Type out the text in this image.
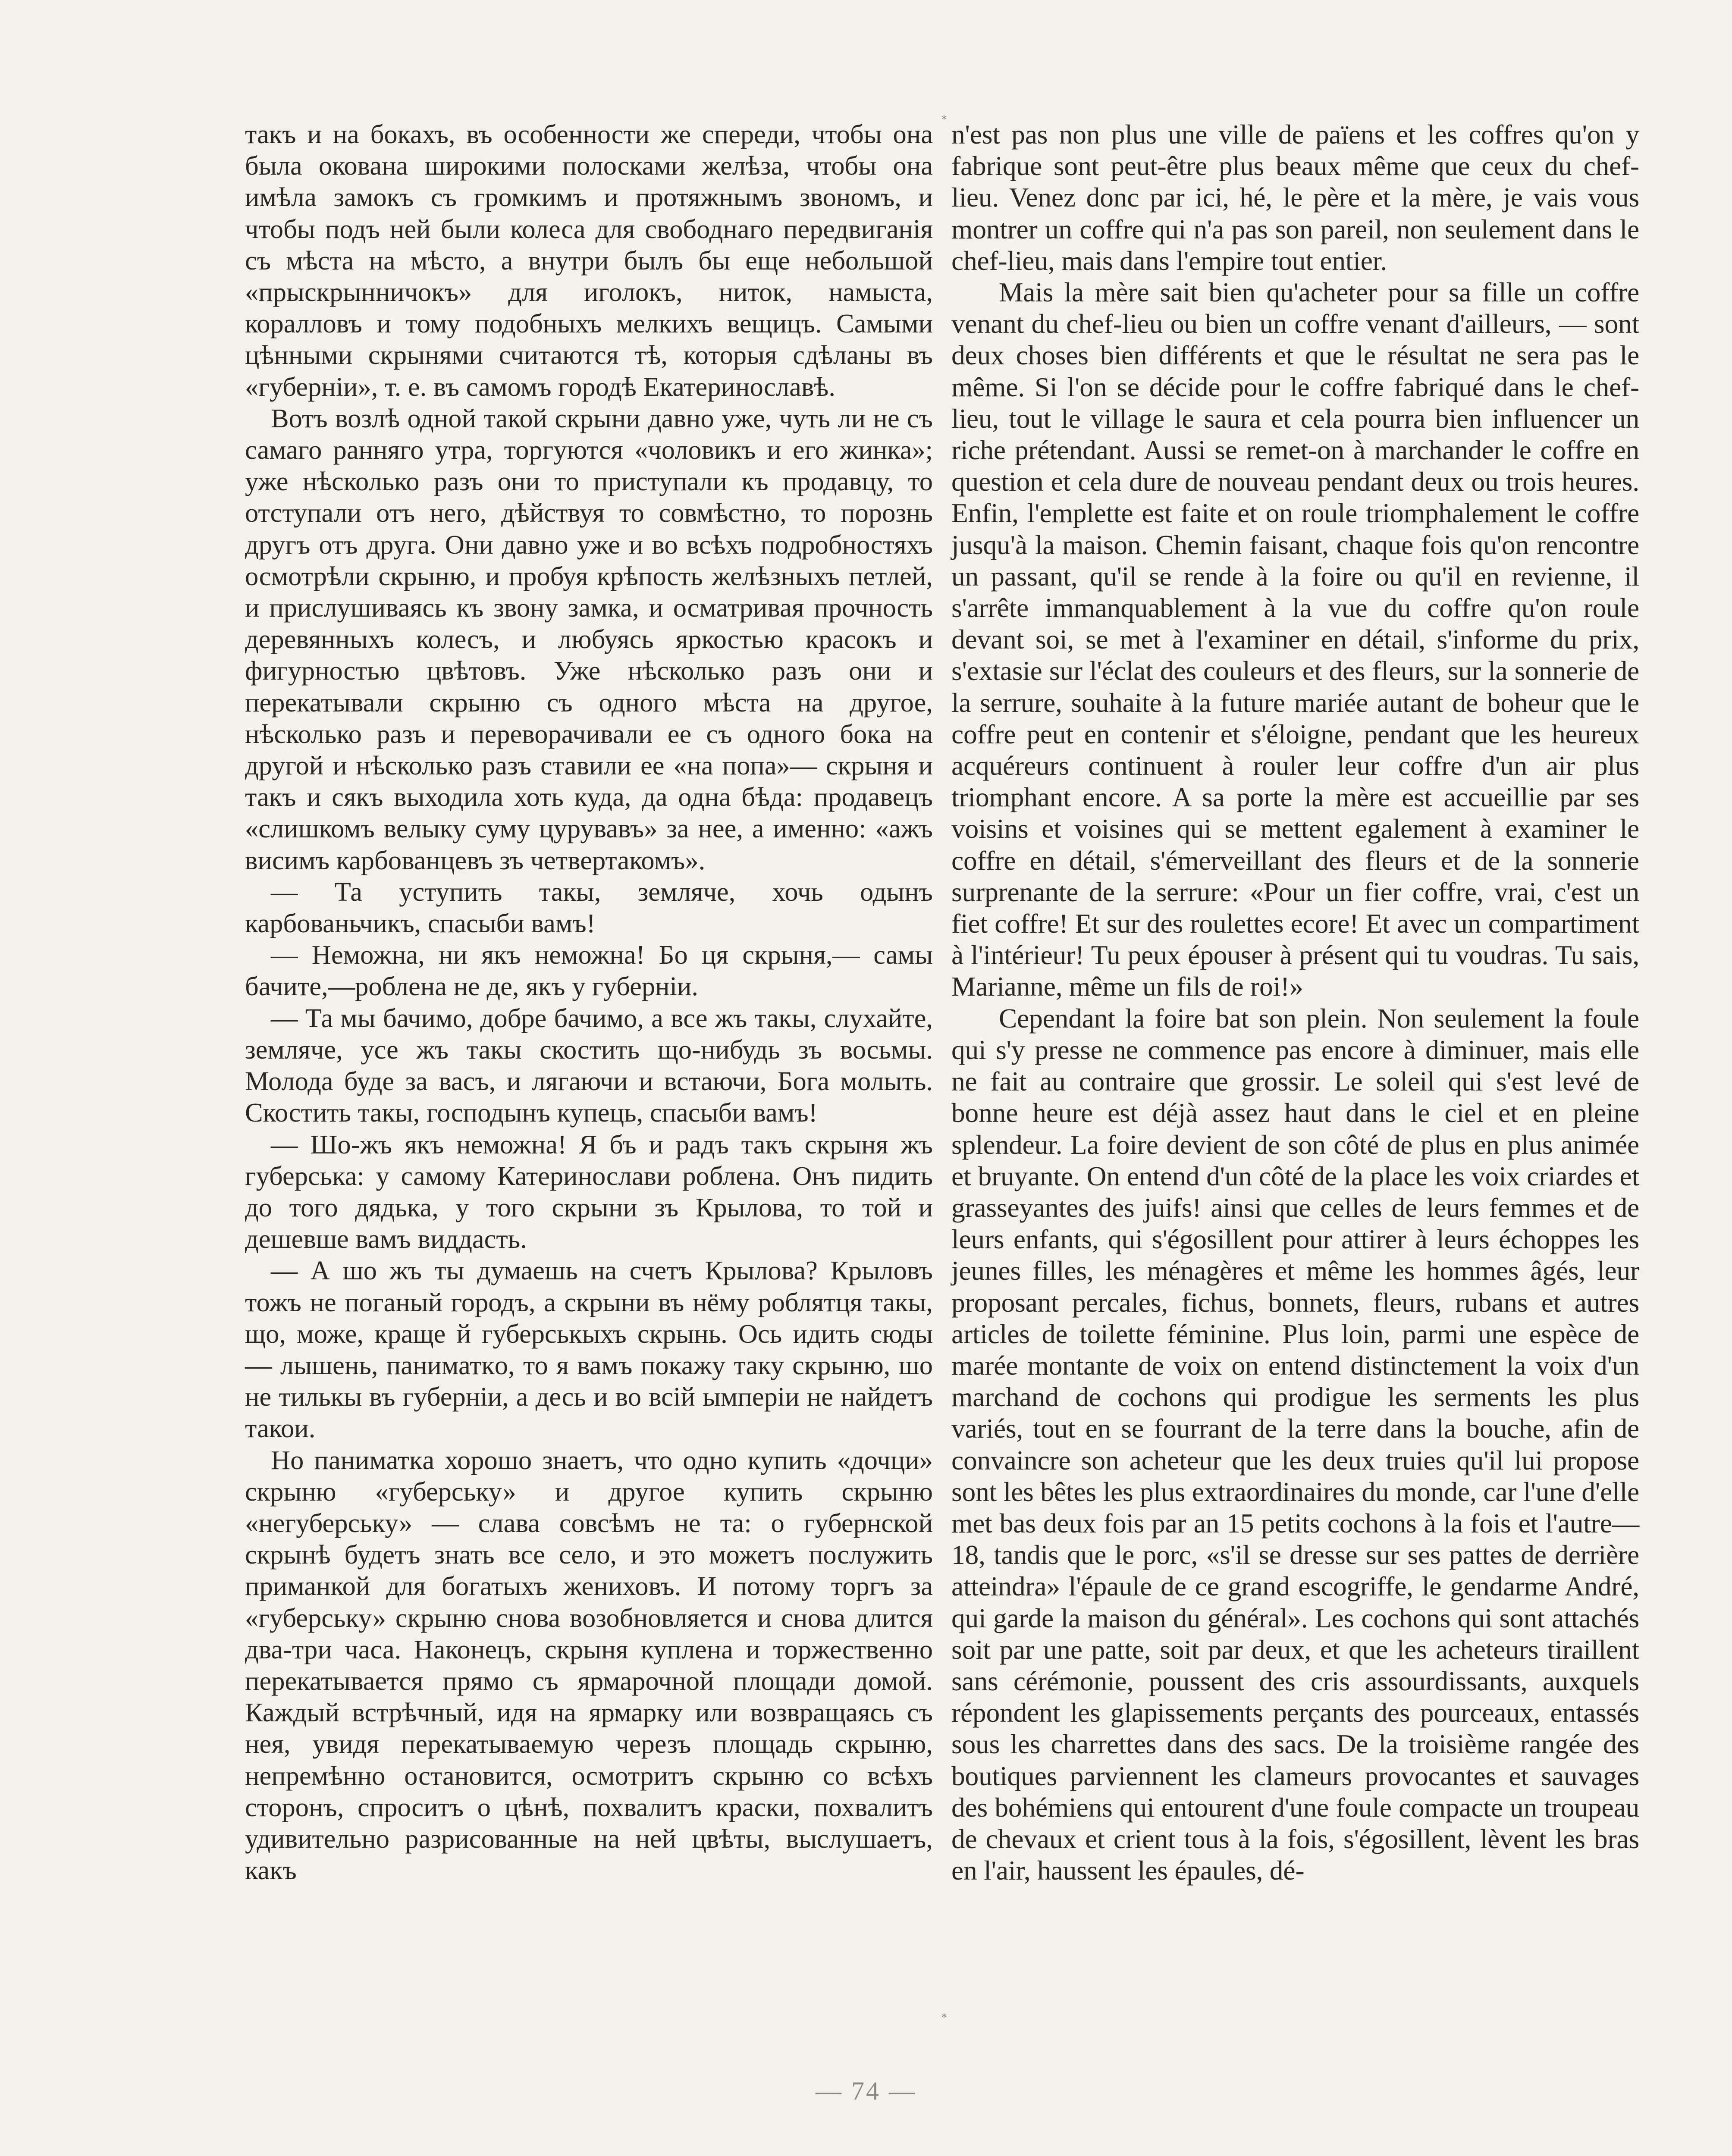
такъ и на бокахъ, въ особенности же спереди, чтобы она была окована широкими полосками желѣза, чтобы она имѣла замокъ съ громкимъ и протяжнымъ звономъ, и чтобы подъ ней были колеса для свободнаго передвиганія съ мѣста на мѣсто, а внутри былъ бы еще небольшой «прыскрынничокъ» для иголокъ, ниток, намыста, коралловъ и тому подобныхъ мелкихъ вещицъ. Самыми цѣнными скрынями считаются тѣ, которыя сдѣланы въ «губерніи», т. е. въ самомъ городѣ Екатеринославѣ.

Вотъ возлѣ одной такой скрыни давно уже, чуть ли не съ самаго ранняго утра, торгуются «чоловикъ и его жинка»; уже нѣсколько разъ они то приступали къ продавцу, то отступали отъ него, дѣйствуя то совмѣстно, то порознь другъ отъ друга. Они давно уже и во всѣхъ подробностяхъ осмотрѣли скрыню, и пробуя крѣпость желѣзныхъ петлей, и прислушиваясь къ звону замка, и осматривая прочность деревянныхъ колесъ, и любуясь яркостью красокъ и фигурностью цвѣтовъ. Уже нѣсколько разъ они и перекатывали скрыню съ одного мѣста на другое, нѣсколько разъ и переворачивали ее съ одного бока на другой и нѣсколько разъ ставили ее «на попа»— скрыня и такъ и сякъ выходила хоть куда, да одна бѣда: продавецъ «слишкомъ велыку суму цурувавъ» за нее, а именно: «ажъ висимъ карбованцевъ зъ четвертакомъ».

— Та уступить такы, земляче, хочь одынъ карбованьчикъ, спасыби вамъ!

— Неможна, ни якъ неможна! Бо ця скрыня,— самы бачите,—роблена не де, якъ у губерніи.

— Та мы бачимо, добре бачимо, а все жъ такы, слухайте, земляче, усе жъ такы скостить що-нибудь зъ восьмы. Молода буде за васъ, и лягаючи и встаючи, Бога молыть. Скостить такы, господынъ купець, спасыби вамъ!

— Шо-жъ якъ неможна! Я бъ и радъ такъ скрыня жъ губерська: у самому Катеринослави роблена. Онъ пидить до того дядька, у того скрыни зъ Крылова, то той и дешевше вамъ виддасть.

— А шо жъ ты думаешь на счетъ Крылова? Крыловъ тожъ не поганый городъ, а скрыни въ нёму роблятця такы, що, може, краще й губерськыхъ скрынь. Ось идить сюды — лышень, паниматкo, то я вамъ покажу таку скрыню, шо не тилькы въ губерніи, а десь и во всій ымперіи не найдетъ такои.

Но паниматкa хорошо знаетъ, что одно купить «дочци» скрыню «губерську» и другое купить скрыню «негуберську» — слава совсѣмъ не та: о губернской скрынѣ будетъ знать все село, и это можетъ послужить приманкой для богатыхъ жениховъ. И потому торгъ за «губерську» скрыню снова возобновляется и снова длится два-три часа. Наконецъ, скрыня куплена и торжественно перекатывается прямо съ ярмарочной площади домой. Каждый встрѣчный, идя на ярмарку или возвращаясь съ нея, увидя перекатываемую черезъ площадь скрыню, непремѣнно остановится, осмотритъ скрыню со всѣхъ сторонъ, спроситъ о цѣнѣ, похвалитъ краски, похвалитъ удивительно разрисованные на ней цвѣты, выслушаетъ, какъ

*
*

n'est pas non plus une ville de païens et les coffres qu'on y fabrique sont peut-être plus beaux même que ceux du chef-lieu. Venez donc par ici, hé, le père et la mère, je vais vous montrer un coffre qui n'a pas son pareil, non seulement dans le chef-lieu, mais dans l'empire tout entier.

Mais la mère sait bien qu'acheter pour sa fille un coffre venant du chef-lieu ou bien un coffre venant d'ailleurs, — sont deux choses bien différents et que le résultat ne sera pas le même. Si l'on se décide pour le coffre fabriqué dans le chef-lieu, tout le village le saura et cela pourra bien influencer un riche prétendant. Aussi se remet-on à marchander le coffre en question et cela dure de nouveau pendant deux ou trois heures. Enfin, l'emplette est faite et on roule triomphalement le coffre jusqu'à la maison. Chemin faisant, chaque fois qu'on rencontre un passant, qu'il se rende à la foire ou qu'il en revienne, il s'arrête immanquablement à la vue du coffre qu'on roule devant soi, se met à l'examiner en détail, s'informe du prix, s'extasie sur l'éclat des couleurs et des fleurs, sur la sonnerie de la serrure, souhaite à la future mariée autant de boheur que le coffre peut en contenir et s'éloigne, pendant que les heureux acquéreurs continuent à rouler leur coffre d'un air plus triomphant encore. A sa porte la mère est accueillie par ses voisins et voisines qui se mettent egalement à examiner le coffre en détail, s'émerveillant des fleurs et de la sonnerie surprenante de la serrure: «Pour un fier coffre, vrai, c'est un fiet coffre! Et sur des roulettes ecore! Et avec un compartiment à l'intérieur! Tu peux épouser à présent qui tu voudras. Tu sais, Marianne, même un fils de roi!»

Cependant la foire bat son plein. Non seulement la foule qui s'y presse ne commence pas encore à diminuer, mais elle ne fait au contraire que grossir. Le soleil qui s'est levé de bonne heure est déjà assez haut dans le ciel et en pleine splendeur. La foire devient de son côté de plus en plus animée et bruyante. On entend d'un côté de la place les voix criardes et grasseyantes des juifs! ainsi que celles de leurs femmes et de leurs enfants, qui s'égosillent pour attirer à leurs échoppes les jeunes filles, les ménagères et même les hommes âgés, leur proposant percales, fichus, bonnets, fleurs, rubans et autres articles de toilette féminine. Plus loin, parmi une espèce de marée montante de voix on entend distinctement la voix d'un marchand de cochons qui prodigue les serments les plus variés, tout en se fourrant de la terre dans la bouche, afin de convaincre son acheteur que les deux truies qu'il lui propose sont les bêtes les plus extraordinaires du monde, car l'une d'elle met bas deux fois par an 15 petits cochons à la fois et l'autre—18, tandis que le porc, «s'il se dresse sur ses pattes de derrière atteindra» l'épaule de ce grand escogriffe, le gendarme André, qui garde la maison du général». Les cochons qui sont attachés soit par une patte, soit par deux, et que les acheteurs tiraillent sans cérémonie, poussent des cris assourdissants, auxquels répondent les glapissements perçants des pourceaux, entassés sous les charrettes dans des sacs. De la troisième rangée des boutiques parviennent les clameurs provocantes et sauvages des bohémiens qui entourent d'une foule compacte un troupeau de chevaux et crient tous à la fois, s'égosillent, lèvent les bras en l'air, haussent les épaules, dé-

— 74 —
